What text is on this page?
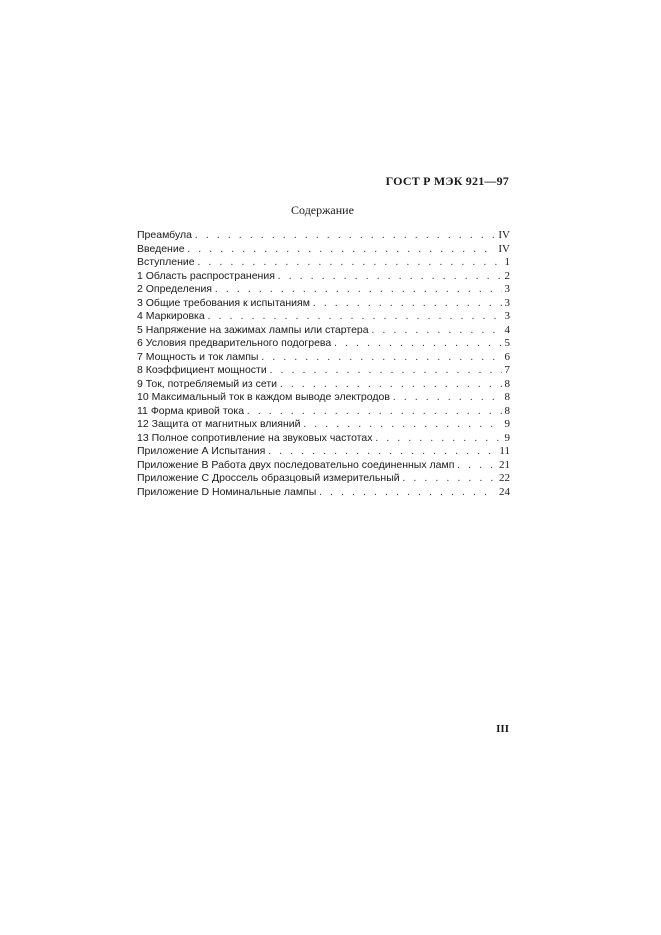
ГОСТ Р МЭК 921—97
Содержание
Преамбула . . .	IV
Введение . . .	IV
Вступление . . .	1
1 Область распространения . . .	2
2 Определения . . .	3
3 Общие требования к испытаниям . . .	3
4 Маркировка . . .	3
5 Напряжение на зажимах лампы или стартера . . .	4
6 Условия предварительного подогрева . . .	5
7 Мощность и ток лампы . . .	6
8 Коэффициент мощности . . .	7
9 Ток, потребляемый из сети . . .	8
10 Максимальный ток в каждом выводе электродов . . .	8
11 Форма кривой тока . . .	8
12 Защита от магнитных влияний . . .	9
13 Полное сопротивление на звуковых частотах . . .	9
Приложение А Испытания . . .	11
Приложение В Работа двух последовательно соединенных ламп . . .	21
Приложение С Дроссель образцовый измерительный . . .	22
Приложение D Номинальные лампы . . .	24
III
